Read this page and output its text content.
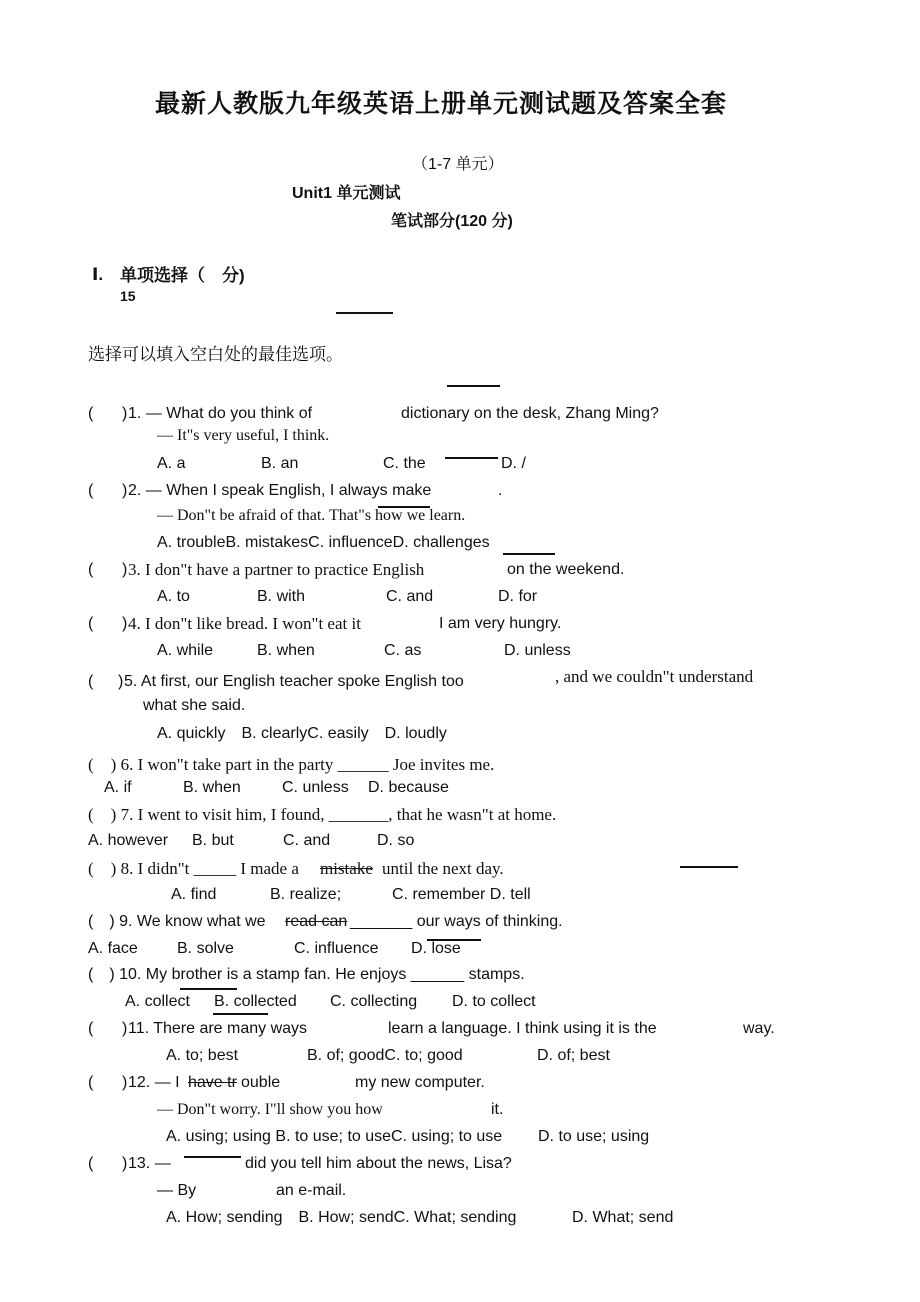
最新人教版九年级英语上册单元测试题及答案全套
（1-7 单元）
Unit1 单元测试
笔试部分(120 分)
Ⅰ. 单项选择（　分)
15
选择可以填入空白处的最佳选项。
( ) 1. — What do you think of	dictionary on the desk, Zhang Ming?
— It"s very useful, I think.
A. a	B. an	C. the	D. /
( ) 2. — When I speak English, I always make	.
— Don"t be afraid of that. That"s how we learn.
A. troubleB. mistakesC. influenceD. challenges
( ) 3. I don"t have a partner to practice English	on the weekend.
A. to	B. with	C. and	D. for
( ) 4. I don"t like bread. I won"t eat it	I am very hungry.
A. while	B. when	C. as	D. unless
( ) 5. At first, our English teacher spoke English too	, and we couldn"t understand
what she said.
A. quickly　B. clearlyC. easily　D. loudly
(　) 6. I won"t take part in the party ______ Joe invites me.
A. if	B. when	C. unless D. because
(　) 7. I went to visit him, I found, _______, that he wasn"t at home.
A. however B. but	C. and	D. so
(　) 8. I didn"t _____ I made a mistake until the next day.
A. find	B. realize;	C. remember D. tell
(　) 9. We know what we read can _______ our ways of thinking.
A. face B. solve	C. influence D. lose
(　) 10. My brother is a stamp fan. He enjoys ______ stamps.
A. collect B. collected C. collecting D. to collect
( ) 11. There are many ways	learn a language. I think using it is the	way.
A. to; best	B. of; goodC. to; good	D. of; best
( ) 12. — I have tr ouble	my new computer.
— Don"t worry. I"ll show you how	it.
A. using; using B. to use; to useC. using; to use D. to use; using
( ) 13. —	did you tell him about the news, Lisa?
— By	an e-mail.
A. How; sending　B. How; sendC. What; sending	D. What; send
